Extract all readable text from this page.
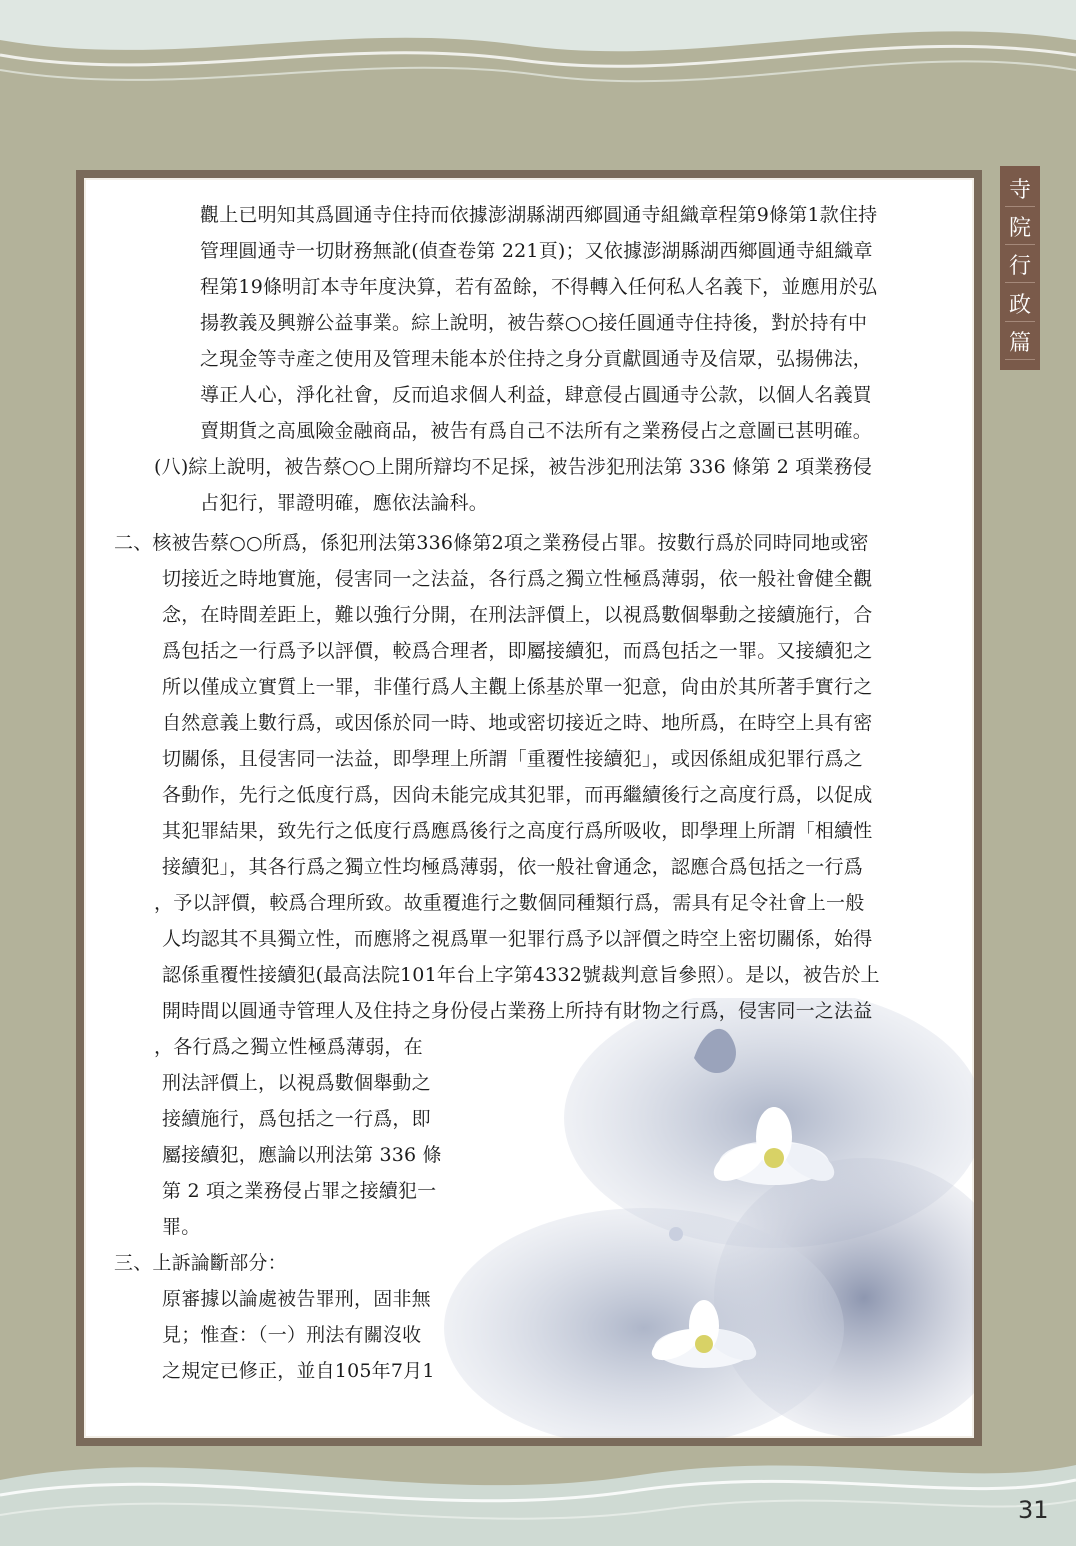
寺
院
行
政
篇
觀上已明知其爲圓通寺住持而依據澎湖縣湖西鄉圓通寺組織章程第9條第1款住持
管理圓通寺一切財務無訛(偵查卷第 221頁)；又依據澎湖縣湖西鄉圓通寺組織章
程第19條明訂本寺年度決算，若有盈餘，不得轉入任何私人名義下，並應用於弘
揚教義及興辦公益事業。綜上說明，被告蔡○○接任圓通寺住持後，對於持有中
之現金等寺產之使用及管理未能本於住持之身分貢獻圓通寺及信眾，弘揚佛法，
導正人心，淨化社會，反而追求個人利益，肆意侵占圓通寺公款，以個人名義買
賣期貨之高風險金融商品，被告有爲自己不法所有之業務侵占之意圖已甚明確。
(八)綜上說明，被告蔡○○上開所辯均不足採，被告涉犯刑法第 336 條第 2 項業務侵
占犯行，罪證明確，應依法論科。
二、核被告蔡○○所爲，係犯刑法第336條第2項之業務侵占罪。按數行爲於同時同地或密
切接近之時地實施，侵害同一之法益，各行爲之獨立性極爲薄弱，依一般社會健全觀
念，在時間差距上，難以強行分開，在刑法評價上，以視爲數個舉動之接續施行，合
爲包括之一行爲予以評價，較爲合理者，即屬接續犯，而爲包括之一罪。又接續犯之
所以僅成立實質上一罪，非僅行爲人主觀上係基於單一犯意，尙由於其所著手實行之
自然意義上數行爲，或因係於同一時、地或密切接近之時、地所爲，在時空上具有密
切關係，且侵害同一法益，即學理上所謂「重覆性接續犯」，或因係組成犯罪行爲之
各動作，先行之低度行爲，因尙未能完成其犯罪，而再繼續後行之高度行爲，以促成
其犯罪結果，致先行之低度行爲應爲後行之高度行爲所吸收，即學理上所謂「相續性
接續犯」，其各行爲之獨立性均極爲薄弱，依一般社會通念，認應合爲包括之一行爲
，予以評價，較爲合理所致。故重覆進行之數個同種類行爲，需具有足令社會上一般
人均認其不具獨立性，而應將之視爲單一犯罪行爲予以評價之時空上密切關係，始得
認係重覆性接續犯(最高法院101年台上字第4332號裁判意旨參照）。是以，被告於上
開時間以圓通寺管理人及住持之身份侵占業務上所持有財物之行爲，侵害同一之法益
，各行爲之獨立性極爲薄弱，在
刑法評價上，以視爲數個舉動之
接續施行，爲包括之一行爲，即
屬接續犯，應論以刑法第 336 條
第 2 項之業務侵占罪之接續犯一
罪。
三、上訴論斷部分：
原審據以論處被告罪刑，固非無
見；惟查：（一）刑法有關沒收
之規定已修正，並自105年7月1
31
